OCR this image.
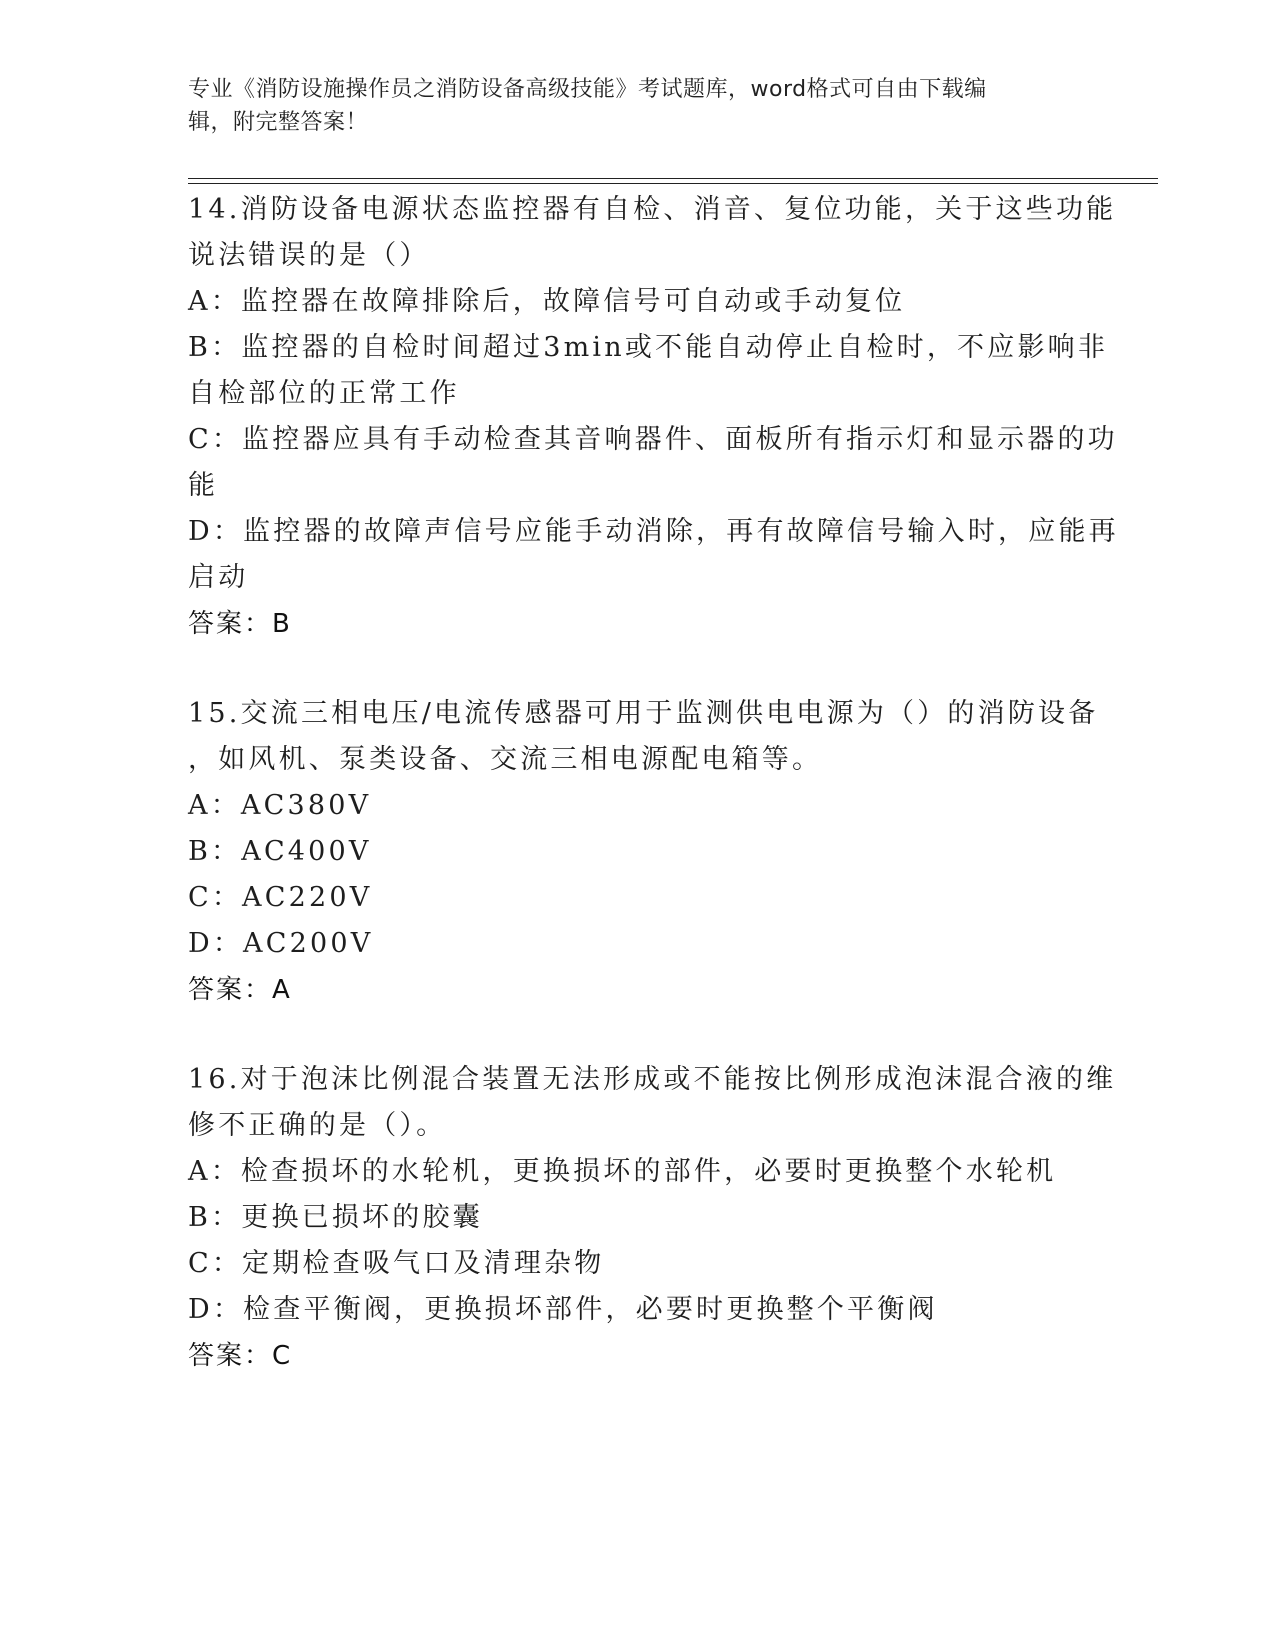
专业《消防设施操作员之消防设备高级技能》考试题库，word格式可自由下载编
辑，附完整答案！
14.消防设备电源状态监控器有自检、消音、复位功能，关于这些功能
说法错误的是（）
A：监控器在故障排除后，故障信号可自动或手动复位
B：监控器的自检时间超过3min或不能自动停止自检时，不应影响非
自检部位的正常工作
C：监控器应具有手动检查其音响器件、面板所有指示灯和显示器的功
能
D：监控器的故障声信号应能手动消除，再有故障信号输入时，应能再
启动
答案：B
15.交流三相电压/电流传感器可用于监测供电电源为（）的消防设备
，如风机、泵类设备、交流三相电源配电箱等。
A：AC380V
B：AC400V
C：AC220V
D：AC200V
答案：A
16.对于泡沫比例混合装置无法形成或不能按比例形成泡沫混合液的维
修不正确的是（）。
A：检查损坏的水轮机，更换损坏的部件，必要时更换整个水轮机
B：更换已损坏的胶囊
C：定期检查吸气口及清理杂物
D：检查平衡阀，更换损坏部件，必要时更换整个平衡阀
答案：C
